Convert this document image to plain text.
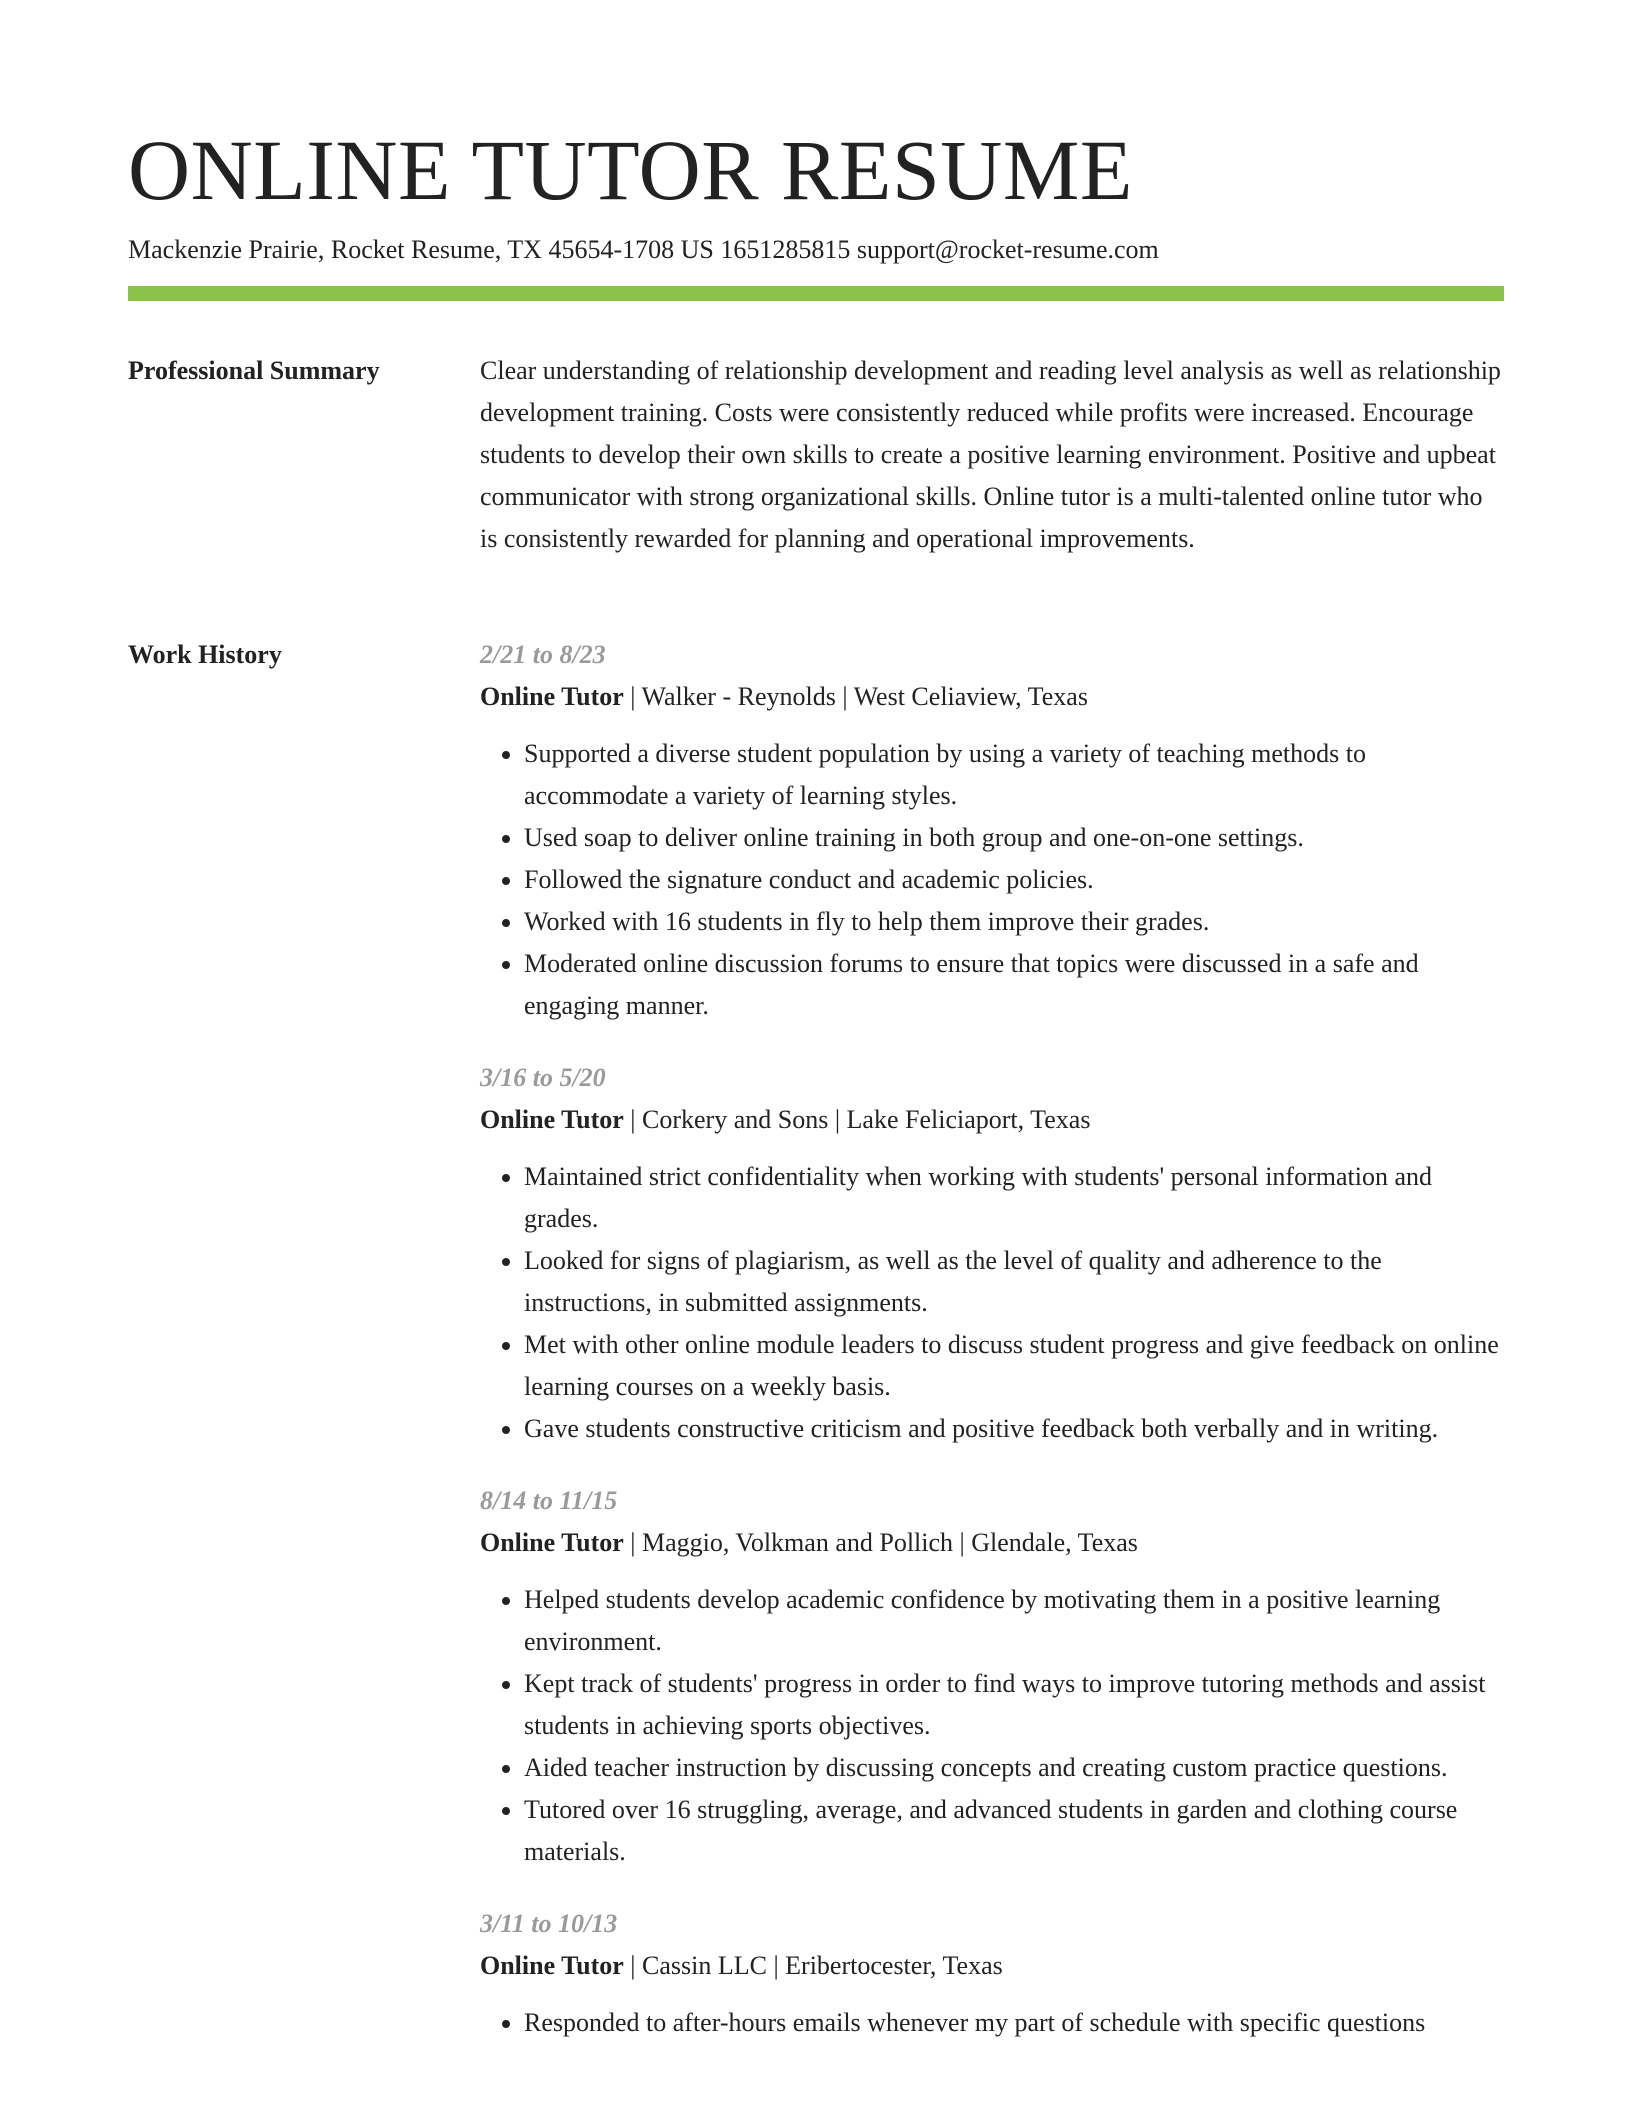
ONLINE TUTOR RESUME
Mackenzie Prairie, Rocket Resume, TX 45654-1708 US 1651285815 support@rocket-resume.com
Professional Summary	Clear understanding of relationship development and reading level analysis as well as relationship development training. Costs were consistently reduced while profits were increased. Encourage students to develop their own skills to create a positive learning environment. Positive and upbeat communicator with strong organizational skills. Online tutor is a multi-talented online tutor who is consistently rewarded for planning and operational improvements.

Work History	2/21 to 8/23
Online Tutor | Walker - Reynolds | West Celiaview, Texas
• Supported a diverse student population by using a variety of teaching methods to accommodate a variety of learning styles.
• Used soap to deliver online training in both group and one-on-one settings.
• Followed the signature conduct and academic policies.
• Worked with 16 students in fly to help them improve their grades.
• Moderated online discussion forums to ensure that topics were discussed in a safe and engaging manner.
3/16 to 5/20
Online Tutor | Corkery and Sons | Lake Feliciaport, Texas
• Maintained strict confidentiality when working with students' personal information and grades.
• Looked for signs of plagiarism, as well as the level of quality and adherence to the instructions, in submitted assignments.
• Met with other online module leaders to discuss student progress and give feedback on online learning courses on a weekly basis.
• Gave students constructive criticism and positive feedback both verbally and in writing.
8/14 to 11/15
Online Tutor | Maggio, Volkman and Pollich | Glendale, Texas
• Helped students develop academic confidence by motivating them in a positive learning environment.
• Kept track of students' progress in order to find ways to improve tutoring methods and assist students in achieving sports objectives.
• Aided teacher instruction by discussing concepts and creating custom practice questions.
• Tutored over 16 struggling, average, and advanced students in garden and clothing course materials.
3/11 to 10/13
Online Tutor | Cassin LLC | Eribertocester, Texas
• Responded to after-hours emails whenever my part of schedule with specific questions
